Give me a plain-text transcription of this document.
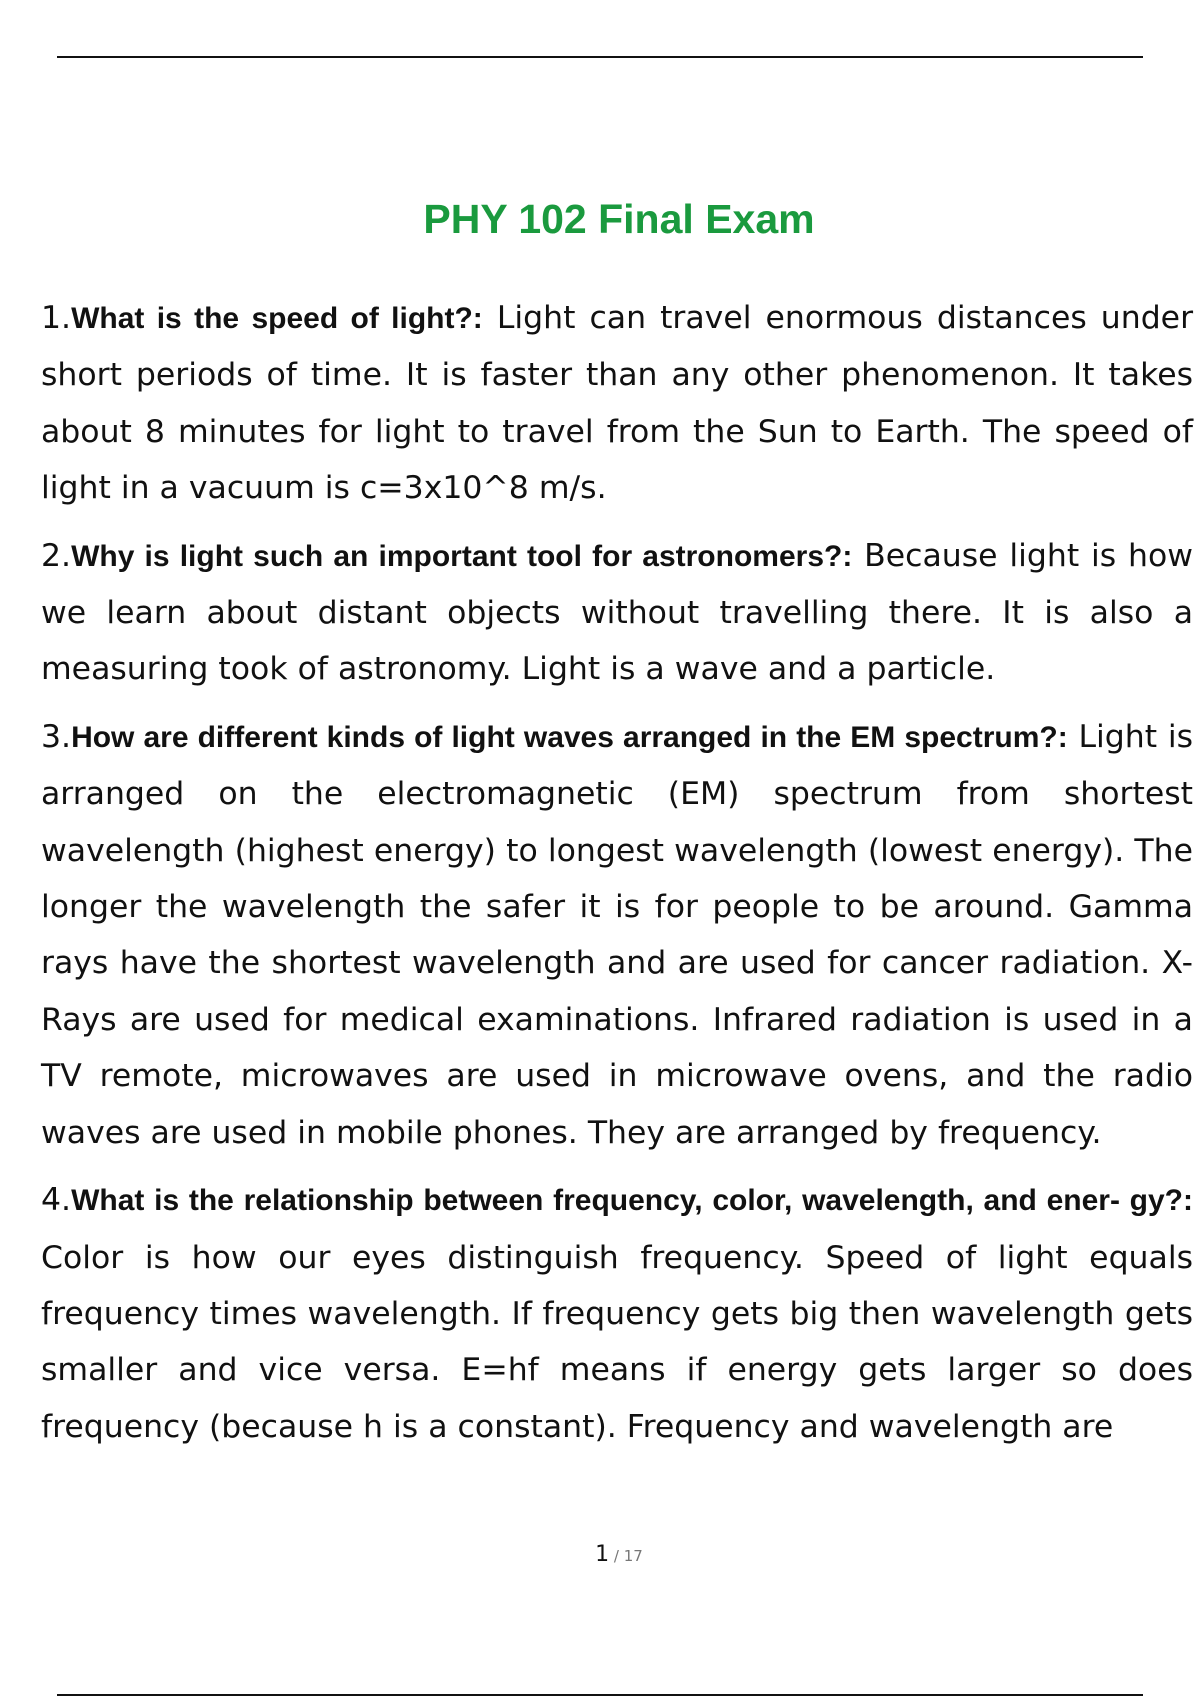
PHY 102 Final Exam
1.What is the speed of light?: Light can travel enormous distances under short periods of time. It is faster than any other phenomenon. It takes about 8 minutes for light to travel from the Sun to Earth. The speed of light in a vacuum is c=3x10^8 m/s.
2.Why is light such an important tool for astronomers?: Because light is how we learn about distant objects without travelling there. It is also a measuring took of astronomy. Light is a wave and a particle.
3.How are different kinds of light waves arranged in the EM spectrum?: Light is arranged on the electromagnetic (EM) spectrum from shortest wavelength (highest energy) to longest wavelength (lowest energy). The longer the wavelength the safer it is for people to be around. Gamma rays have the shortest wavelength and are used for cancer radiation. X-Rays are used for medical examinations. Infrared radiation is used in a TV remote, microwaves are used in microwave ovens, and the radio waves are used in mobile phones. They are arranged by frequency.
4.What is the relationship between frequency, color, wavelength, and ener- gy?: Color is how our eyes distinguish frequency. Speed of light equals frequency times wavelength. If frequency gets big then wavelength gets smaller and vice versa. E=hf means if energy gets larger so does frequency (because h is a constant). Frequency and wavelength are
1 / 17
